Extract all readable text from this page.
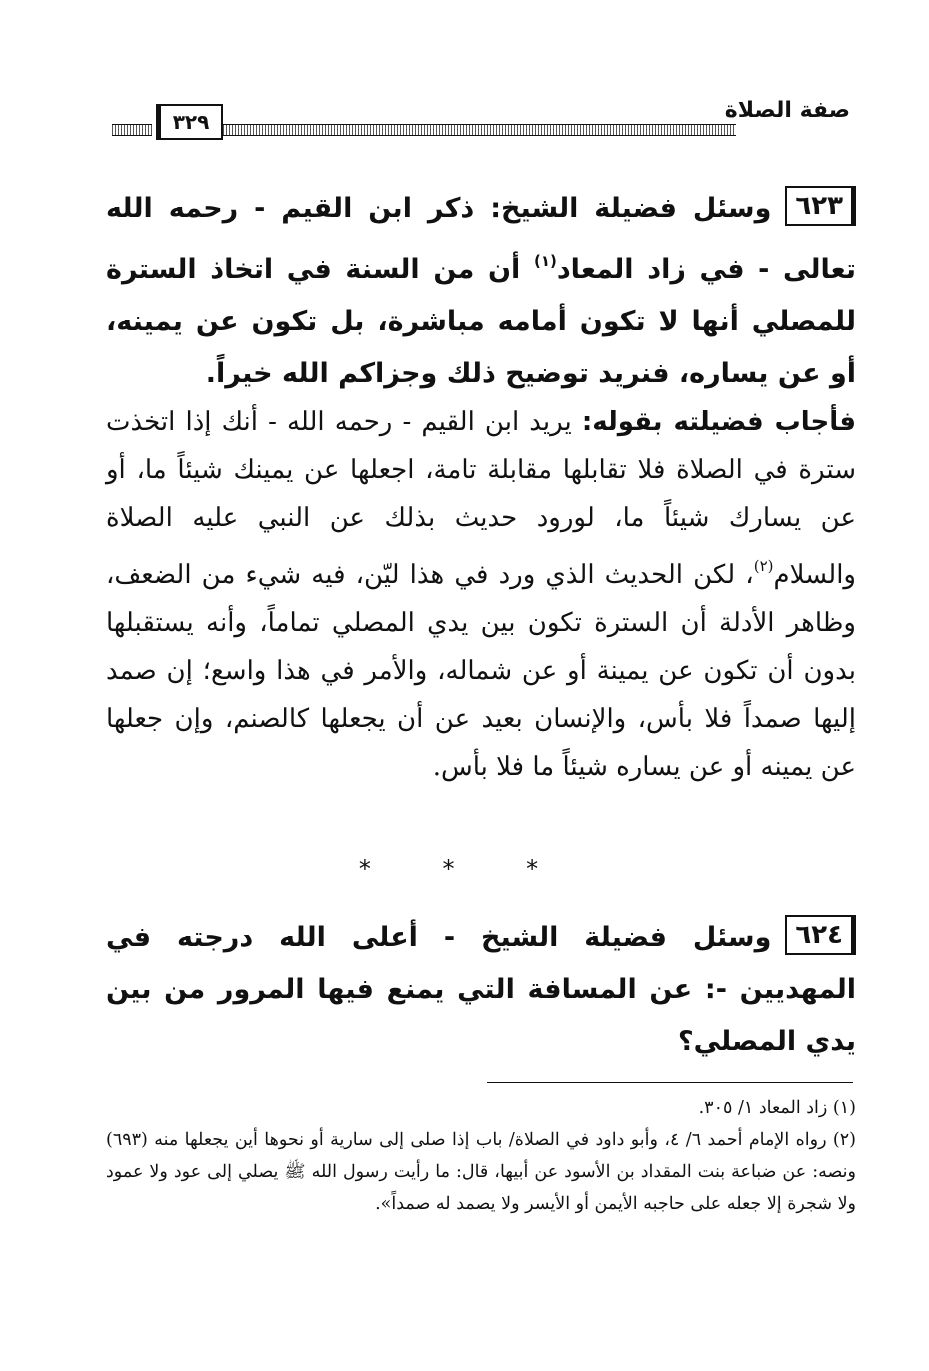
صفة الصلاة
٣٢٩
٦٢٣وسئل فضيلة الشيخ: ذكر ابن القيم - رحمه الله تعالى - في زاد المعاد$^{(١)}$ أن من السنة في اتخاذ السترة للمصلي أنها لا تكون أمامه مباشرة، بل تكون عن يمينه، أو عن يساره، فنريد توضيح ذلك وجزاكم الله خيراً.
فأجاب فضيلته بقوله: يريد ابن القيم - رحمه الله - أنك إذا اتخذت سترة في الصلاة فلا تقابلها مقابلة تامة، اجعلها عن يمينك شيئاً ما، أو عن يسارك شيئاً ما، لورود حديث بذلك عن النبي عليه الصلاة والسلام$^{(٢)}$، لكن الحديث الذي ورد في هذا ليّن، فيه شيء من الضعف، وظاهر الأدلة أن السترة تكون بين يدي المصلي تماماً، وأنه يستقبلها بدون أن تكون عن يمينة أو عن شماله، والأمر في هذا واسع؛ إن صمد إليها صمداً فلا بأس، والإنسان بعيد عن أن يجعلها كالصنم، وإن جعلها عن يمينه أو عن يساره شيئاً ما فلا بأس.
* * *
٦٢٤وسئل فضيلة الشيخ - أعلى الله درجته في المهديين -: عن المسافة التي يمنع فيها المرور من بين يدي المصلي؟

(١) زاد المعاد ١/ ٣٠٥.

(٢) رواه الإمام أحمد ٦/ ٤، وأبو داود في الصلاة/ باب إذا صلى إلى سارية أو نحوها أين يجعلها منه (٦٩٣) ونصه: عن ضباعة بنت المقداد بن الأسود عن أبيها، قال: ما رأيت رسول الله ﷺ يصلي إلى عود ولا عمود ولا شجرة إلا جعله على حاجبه الأيمن أو الأيسر ولا يصمد له صمداً».
